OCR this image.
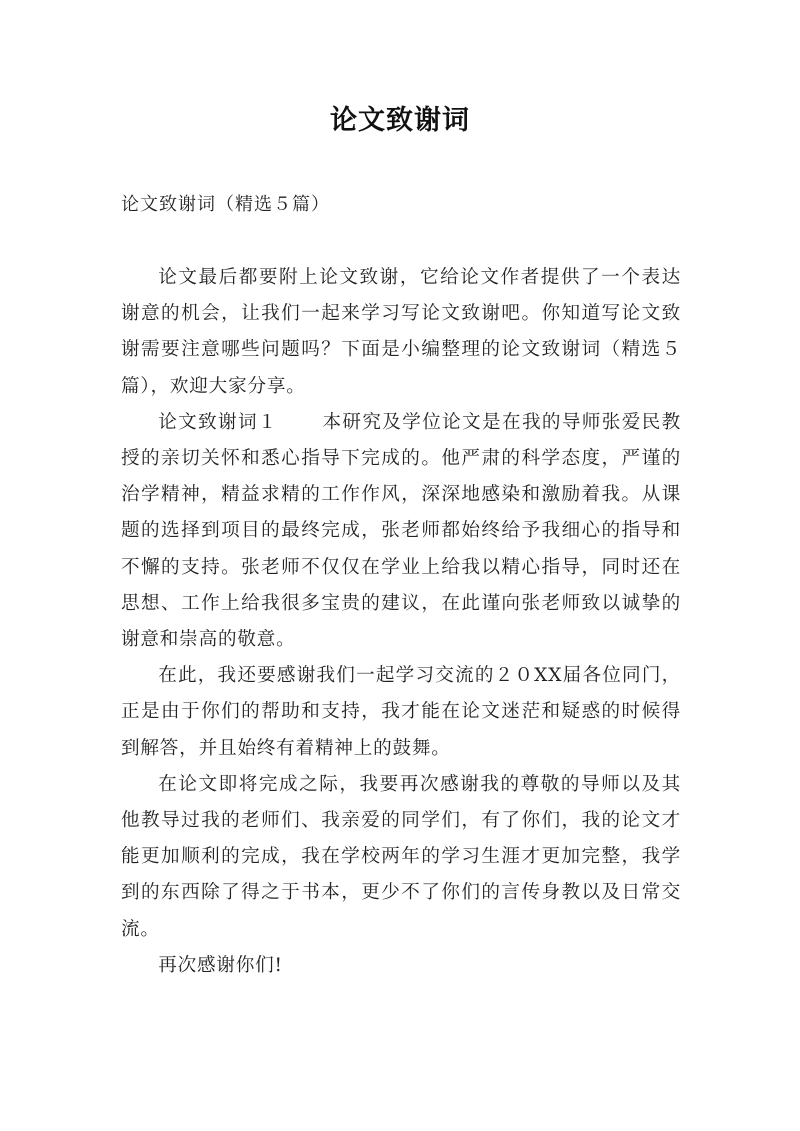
论文致谢词

论文致谢词（精选５篇）

论文最后都要附上论文致谢，它给论文作者提供了一个表达谢意的机会，让我们一起来学习写论文致谢吧。你知道写论文致谢需要注意哪些问题吗？下面是小编整理的论文致谢词（精选５篇），欢迎大家分享。

论文致谢词１ 本研究及学位论文是在我的导师张爱民教授的亲切关怀和悉心指导下完成的。他严肃的科学态度，严谨的治学精神，精益求精的工作作风，深深地感染和激励着我。从课题的选择到项目的最终完成，张老师都始终给予我细心的指导和不懈的支持。张老师不仅仅在学业上给我以精心指导，同时还在思想、工作上给我很多宝贵的建议，在此谨向张老师致以诚挚的谢意和崇高的敬意。

在此，我还要感谢我们一起学习交流的２０XX届各位同门，正是由于你们的帮助和支持，我才能在论文迷茫和疑惑的时候得到解答，并且始终有着精神上的鼓舞。

在论文即将完成之际，我要再次感谢我的尊敬的导师以及其他教导过我的老师们、我亲爱的同学们，有了你们，我的论文才能更加顺利的完成，我在学校两年的学习生涯才更加完整，我学到的东西除了得之于书本，更少不了你们的言传身教以及日常交流。

再次感谢你们!
